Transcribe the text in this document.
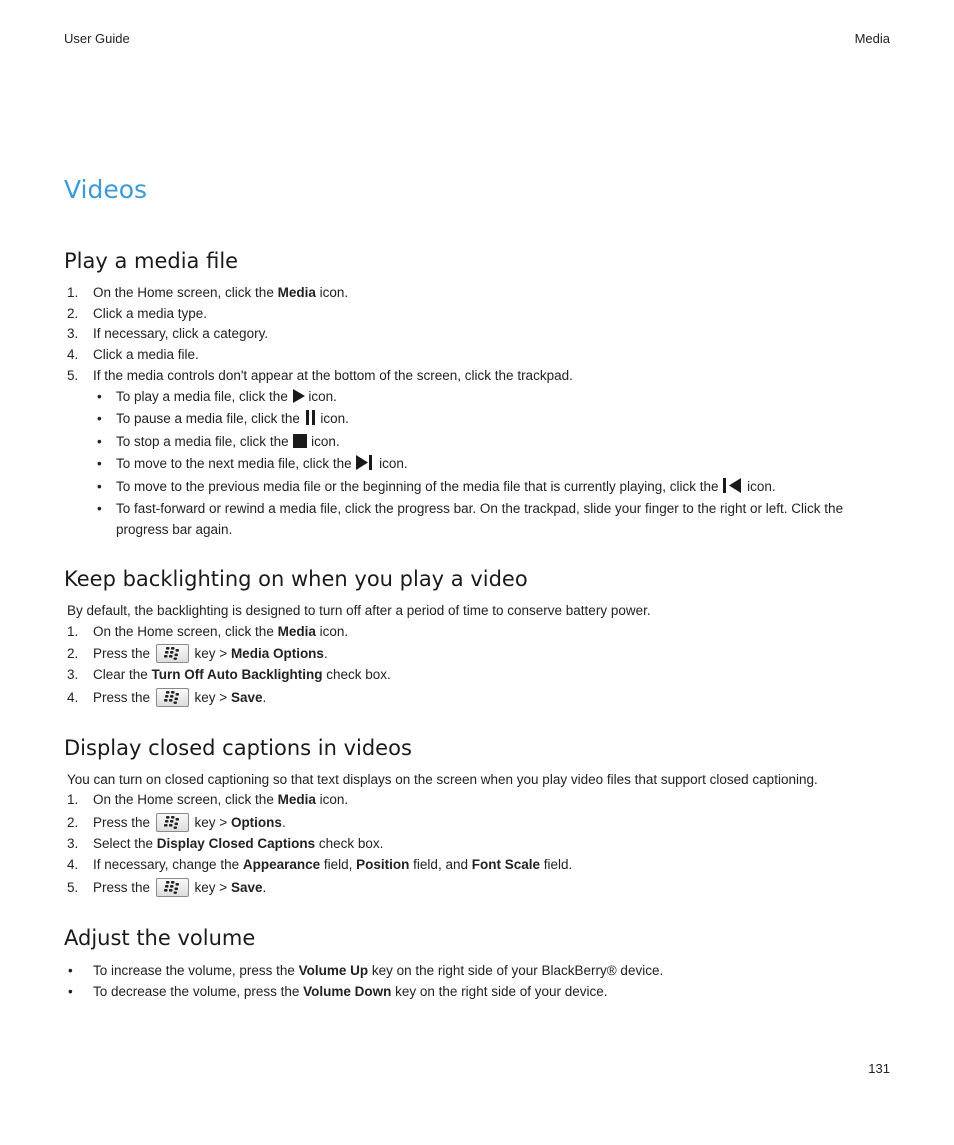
User Guide	Media
Videos
Play a media file
1. On the Home screen, click the Media icon.
2. Click a media type.
3. If necessary, click a category.
4. Click a media file.
5. If the media controls don't appear at the bottom of the screen, click the trackpad.
• To play a media file, click the  icon.
• To pause a media file, click the  icon.
• To stop a media file, click the  icon.
• To move to the next media file, click the  icon.
• To move to the previous media file or the beginning of the media file that is currently playing, click the  icon.
• To fast-forward or rewind a media file, click the progress bar. On the trackpad, slide your finger to the right or left. Click the progress bar again.
Keep backlighting on when you play a video

By default, the backlighting is designed to turn off after a period of time to conserve battery power.

1. On the Home screen, click the Media icon.
2. Press the	key > Media Options.
3. Clear the Turn Off Auto Backlighting check box.
4. Press the	key > Save.
Display closed captions in videos

You can turn on closed captioning so that text displays on the screen when you play video files that support closed captioning.

1. On the Home screen, click the Media icon.
2. Press the	key > Options.
3. Select the Display Closed Captions check box.
4. If necessary, change the Appearance field, Position field, and Font Scale field.
5. Press the	key > Save.
Adjust the volume
• To increase the volume, press the Volume Up key on the right side of your BlackBerry® device.
• To decrease the volume, press the Volume Down key on the right side of your device.
131
